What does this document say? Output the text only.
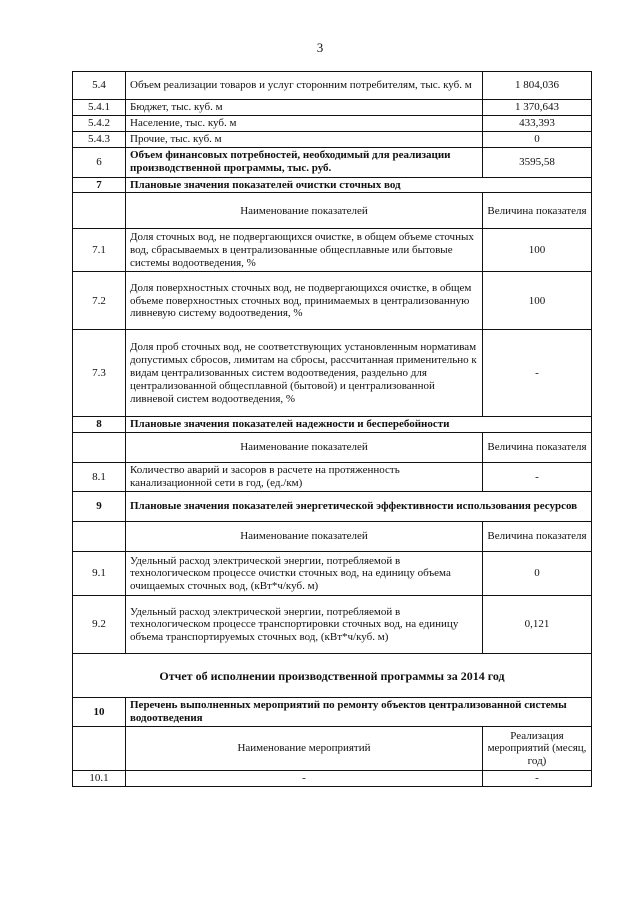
3
5.4	Объем реализации товаров и услуг сторонним потребителям, тыс. куб. м	1 804,036
5.4.1	Бюджет, тыс. куб. м	1 370,643
5.4.2	Население, тыс. куб. м	433,393
5.4.3	Прочие, тыс. куб. м	0
6	Объем финансовых потребностей, необходимый для реализации производственной программы, тыс. руб.	3595,58
7	Плановые значения показателей очистки сточных вод	
	Наименование показателей	Величина показателя
7.1	Доля сточных вод, не подвергающихся очистке, в общем объеме сточных вод, сбрасываемых в централизованные общесплавные или бытовые системы водоотведения, %	100
7.2	Доля поверхностных сточных вод, не подвергающихся очистке, в общем объеме поверхностных сточных вод, принимаемых в централизованную ливневую систему водоотведения, %	100
7.3	Доля проб сточных вод, не соответствующих установленным нормативам допустимых сбросов, лимитам на сбросы, рассчитанная применительно к видам централизованных систем водоотведения, раздельно для централизованной общесплавной (бытовой) и централизованной ливневой систем водоотведения, %	-
8	Плановые значения показателей надежности и бесперебойности	
	Наименование показателей	Величина показателя
8.1	Количество аварий и засоров в расчете на протяженность канализационной сети в год, (ед./км)	-
9	Плановые значения показателей энергетической эффективности использования ресурсов	
	Наименование показателей	Величина показателя
9.1	Удельный расход электрической энергии, потребляемой в технологическом процессе очистки сточных вод, на единицу объема очищаемых сточных вод, (кВт*ч/куб. м)	0
9.2	Удельный расход электрической энергии, потребляемой в технологическом процессе транспортировки сточных вод, на единицу объема транспортируемых сточных вод, (кВт*ч/куб. м)	0,121
Отчет об исполнении производственной программы за 2014 год		
10	Перечень выполненных мероприятий по ремонту объектов централизованной системы водоотведения	
	Наименование мероприятий	Реализация мероприятий (месяц, год)
10.1	-	-
